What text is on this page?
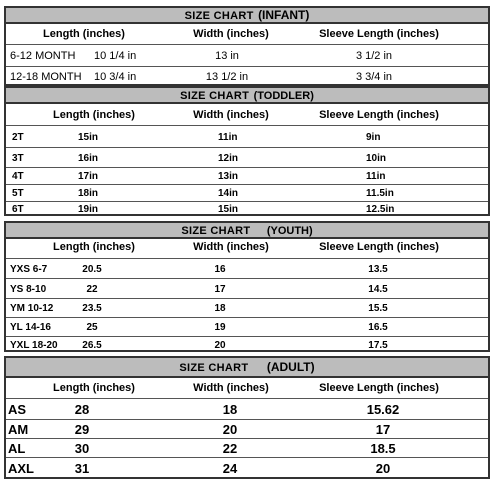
SIZE CHART (INFANT)
Length (inches)	Width (inches)	Sleeve Length (inches)
6-12 MONTH 10 1/4 in	13 in	3 1/2 in
12-18 MONTH 10 3/4 in	13 1/2 in	3 3/4 in
SIZE CHART (TODDLER)
Length (inches)	Width (inches)	Sleeve Length (inches)
2T	15in	11in	9in
3T	16in	12in	10in
4T	17in	13in	11in
5T	18in	14in	11.5in
6T	19in	15in	12.5in
SIZE CHART (YOUTH)
Length (inches)	Width (inches)	Sleeve Length (inches)
YXS 6-7	20.5	16	13.5
YS 8-10	22	17	14.5
YM 10-12	23.5	18	15.5
YL 14-16	25	19	16.5
YXL 18-20 26.5	20	17.5
SIZE CHART (ADULT)
Length (inches)	Width (inches)	Sleeve Length (inches)
AS	28	18	15.62
AM	29	20	17
AL	30	22	18.5
AXL	31	24	20
